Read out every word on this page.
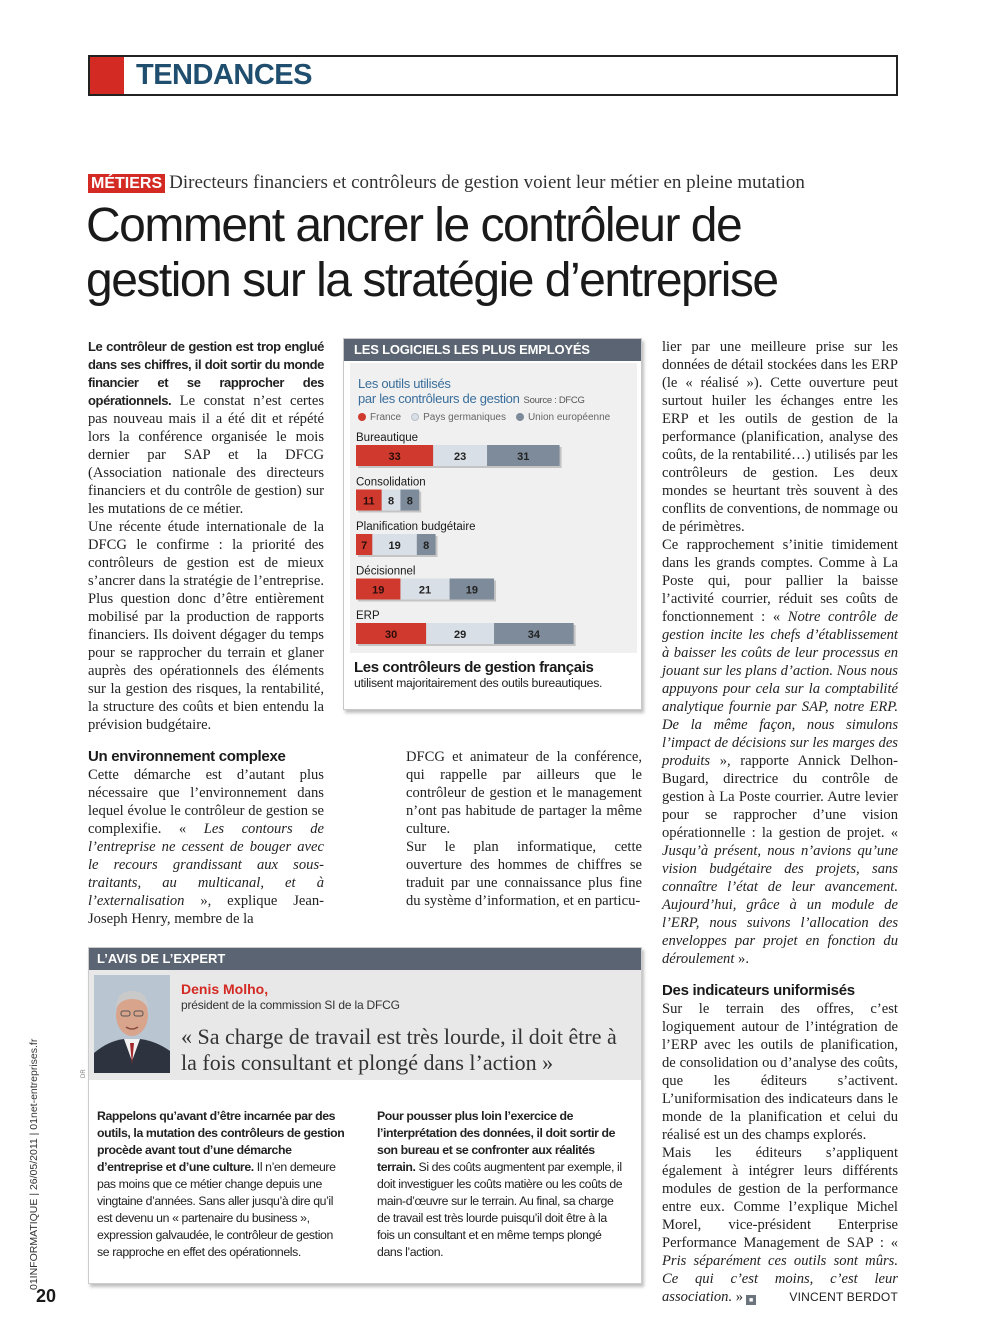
TENDANCES
MÉTIERS Directeurs financiers et contrôleurs de gestion voient leur métier en pleine mutation
Comment ancrer le contrôleur de
gestion sur la stratégie d’entreprise

Le contrôleur de gestion est trop englué dans ses chiffres, il doit sortir du monde financier et se rapprocher des opérationnels. Le constat n’est certes pas nouveau mais il a été dit et répété lors la conférence organisée le mois dernier par SAP et la DFCG (Association nationale des directeurs financiers et du contrôle de gestion) sur les mutations de ce métier.

Une récente étude internationale de la DFCG le confirme : la priorité des contrôleurs de gestion est de mieux s’ancrer dans la stratégie de l’entreprise. Plus question donc d’être entièrement mobilisé par la production de rapports financiers. Ils doivent dégager du temps pour se rapprocher du terrain et glaner auprès des opérationnels des éléments sur la gestion des risques, la rentabilité, la structure des coûts et bien entendu la prévision budgétaire.

Un environnement complexe

Cette démarche est d’autant plus nécessaire que l’environnement dans lequel évolue le contrôleur de gestion se complexifie. « Les contours de l’entreprise ne cessent de bouger avec le recours grandissant aux sous-traitants, au multicanal, et à l’externalisation », explique Jean-Joseph Henry, membre de la

DFCG et animateur de la conférence, qui rappelle par ailleurs que le contrôleur de gestion et le management n’ont pas habitude de partager la même culture.

Sur le plan informatique, cette ouverture des hommes de chiffres se traduit par une connaissance plus fine du système d’information, et en particu-

lier par une meilleure prise sur les données de détail stockées dans les ERP (le « réalisé »). Cette ouverture peut surtout huiler les échanges entre les ERP et les outils de gestion de la performance (planification, analyse des coûts, de la rentabilité…) utilisés par les contrôleurs de gestion. Les deux mondes se heurtant très souvent à des conflits de conventions, de nommage ou de périmètres.

Ce rapprochement s’initie timidement dans les grands comptes. Comme à La Poste qui, pour pallier la baisse l’activité courrier, réduit ses coûts de fonctionnement : « Notre contrôle de gestion incite les chefs d’établissement à baisser les coûts de leur processus en jouant sur les plans d’action. Nous nous appuyons pour cela sur la comptabilité analytique fournie par SAP, notre ERP. De la même façon, nous simulons l’impact de décisions sur les marges des produits », rapporte Annick Delhon-Bugard, directrice du contrôle de gestion à La Poste courrier. Autre levier pour se rapprocher d’une vision opérationnelle : la gestion de projet. « Jusqu’à présent, nous n’avions qu’une vision budgétaire des projets, sans connaître l’état de leur avancement. Aujourd’hui, grâce à un module de l’ERP, nous suivons l’allocation des enveloppes par projet en fonction du déroulement ».

Des indicateurs uniformisés

Sur le terrain des offres, c’est logiquement autour de l’intégration de l’ERP avec les outils de planification, de consolidation ou d’analyse des coûts, que les éditeurs s’activent. L’uniformisation des indicateurs dans le monde de la planification et celui du réalisé est un des champs explorés.

Mais les éditeurs s’appliquent également à intégrer leurs différents modules de gestion de la performance entre eux. Comme l’explique Michel Morel, vice-président Enterprise Performance Management de SAP : « Pris séparément ces outils sont mûrs. Ce qui c’est moins, c’est leur association. » ■	VINCENT BERDOT

LES LOGICIELS LES PLUS EMPLOYÉS
Les outils utilisés
par les contrôleurs de gestion Source : DFCG
France Pays germaniques Union européenne
Bureautique
33	23	31
Consolidation
11 8 8
Planification budgétaire
7 19 8
Décisionnel
19	21	19
ERP
30	29	34
Les contrôleurs de gestion français
utilisent majoritairement des outils bureautiques.
L’AVIS DE L’EXPERT
Denis Molho,
président de la commission SI de la DFCG
« Sa charge de travail est très lourde, il doit être à la fois consultant et plongé dans l’action »
DR
Rappelons qu’avant d’être incarnée par des outils, la mutation des contrôleurs de gestion procède avant tout d’une démarche d’entreprise et d’une culture. Il n’en demeure pas moins que ce métier change depuis une vingtaine d’années. Sans aller jusqu’à dire qu’il est devenu un « partenaire du business », expression galvaudée, le contrôleur de gestion se rapproche en effet des opérationnels.
Pour pousser plus loin l’exercice de l’interprétation des données, il doit sortir de son bureau et se confronter aux réalités terrain. Si des coûts augmentent par exemple, il doit investiguer les coûts matière ou les coûts de main-d’œuvre sur le terrain. Au final, sa charge de travail est très lourde puisqu’il doit être à la fois un consultant et en même temps plongé dans l’action.
01INFORMATIQUE | 26/05/2011 | 01net-entreprises.fr
20
